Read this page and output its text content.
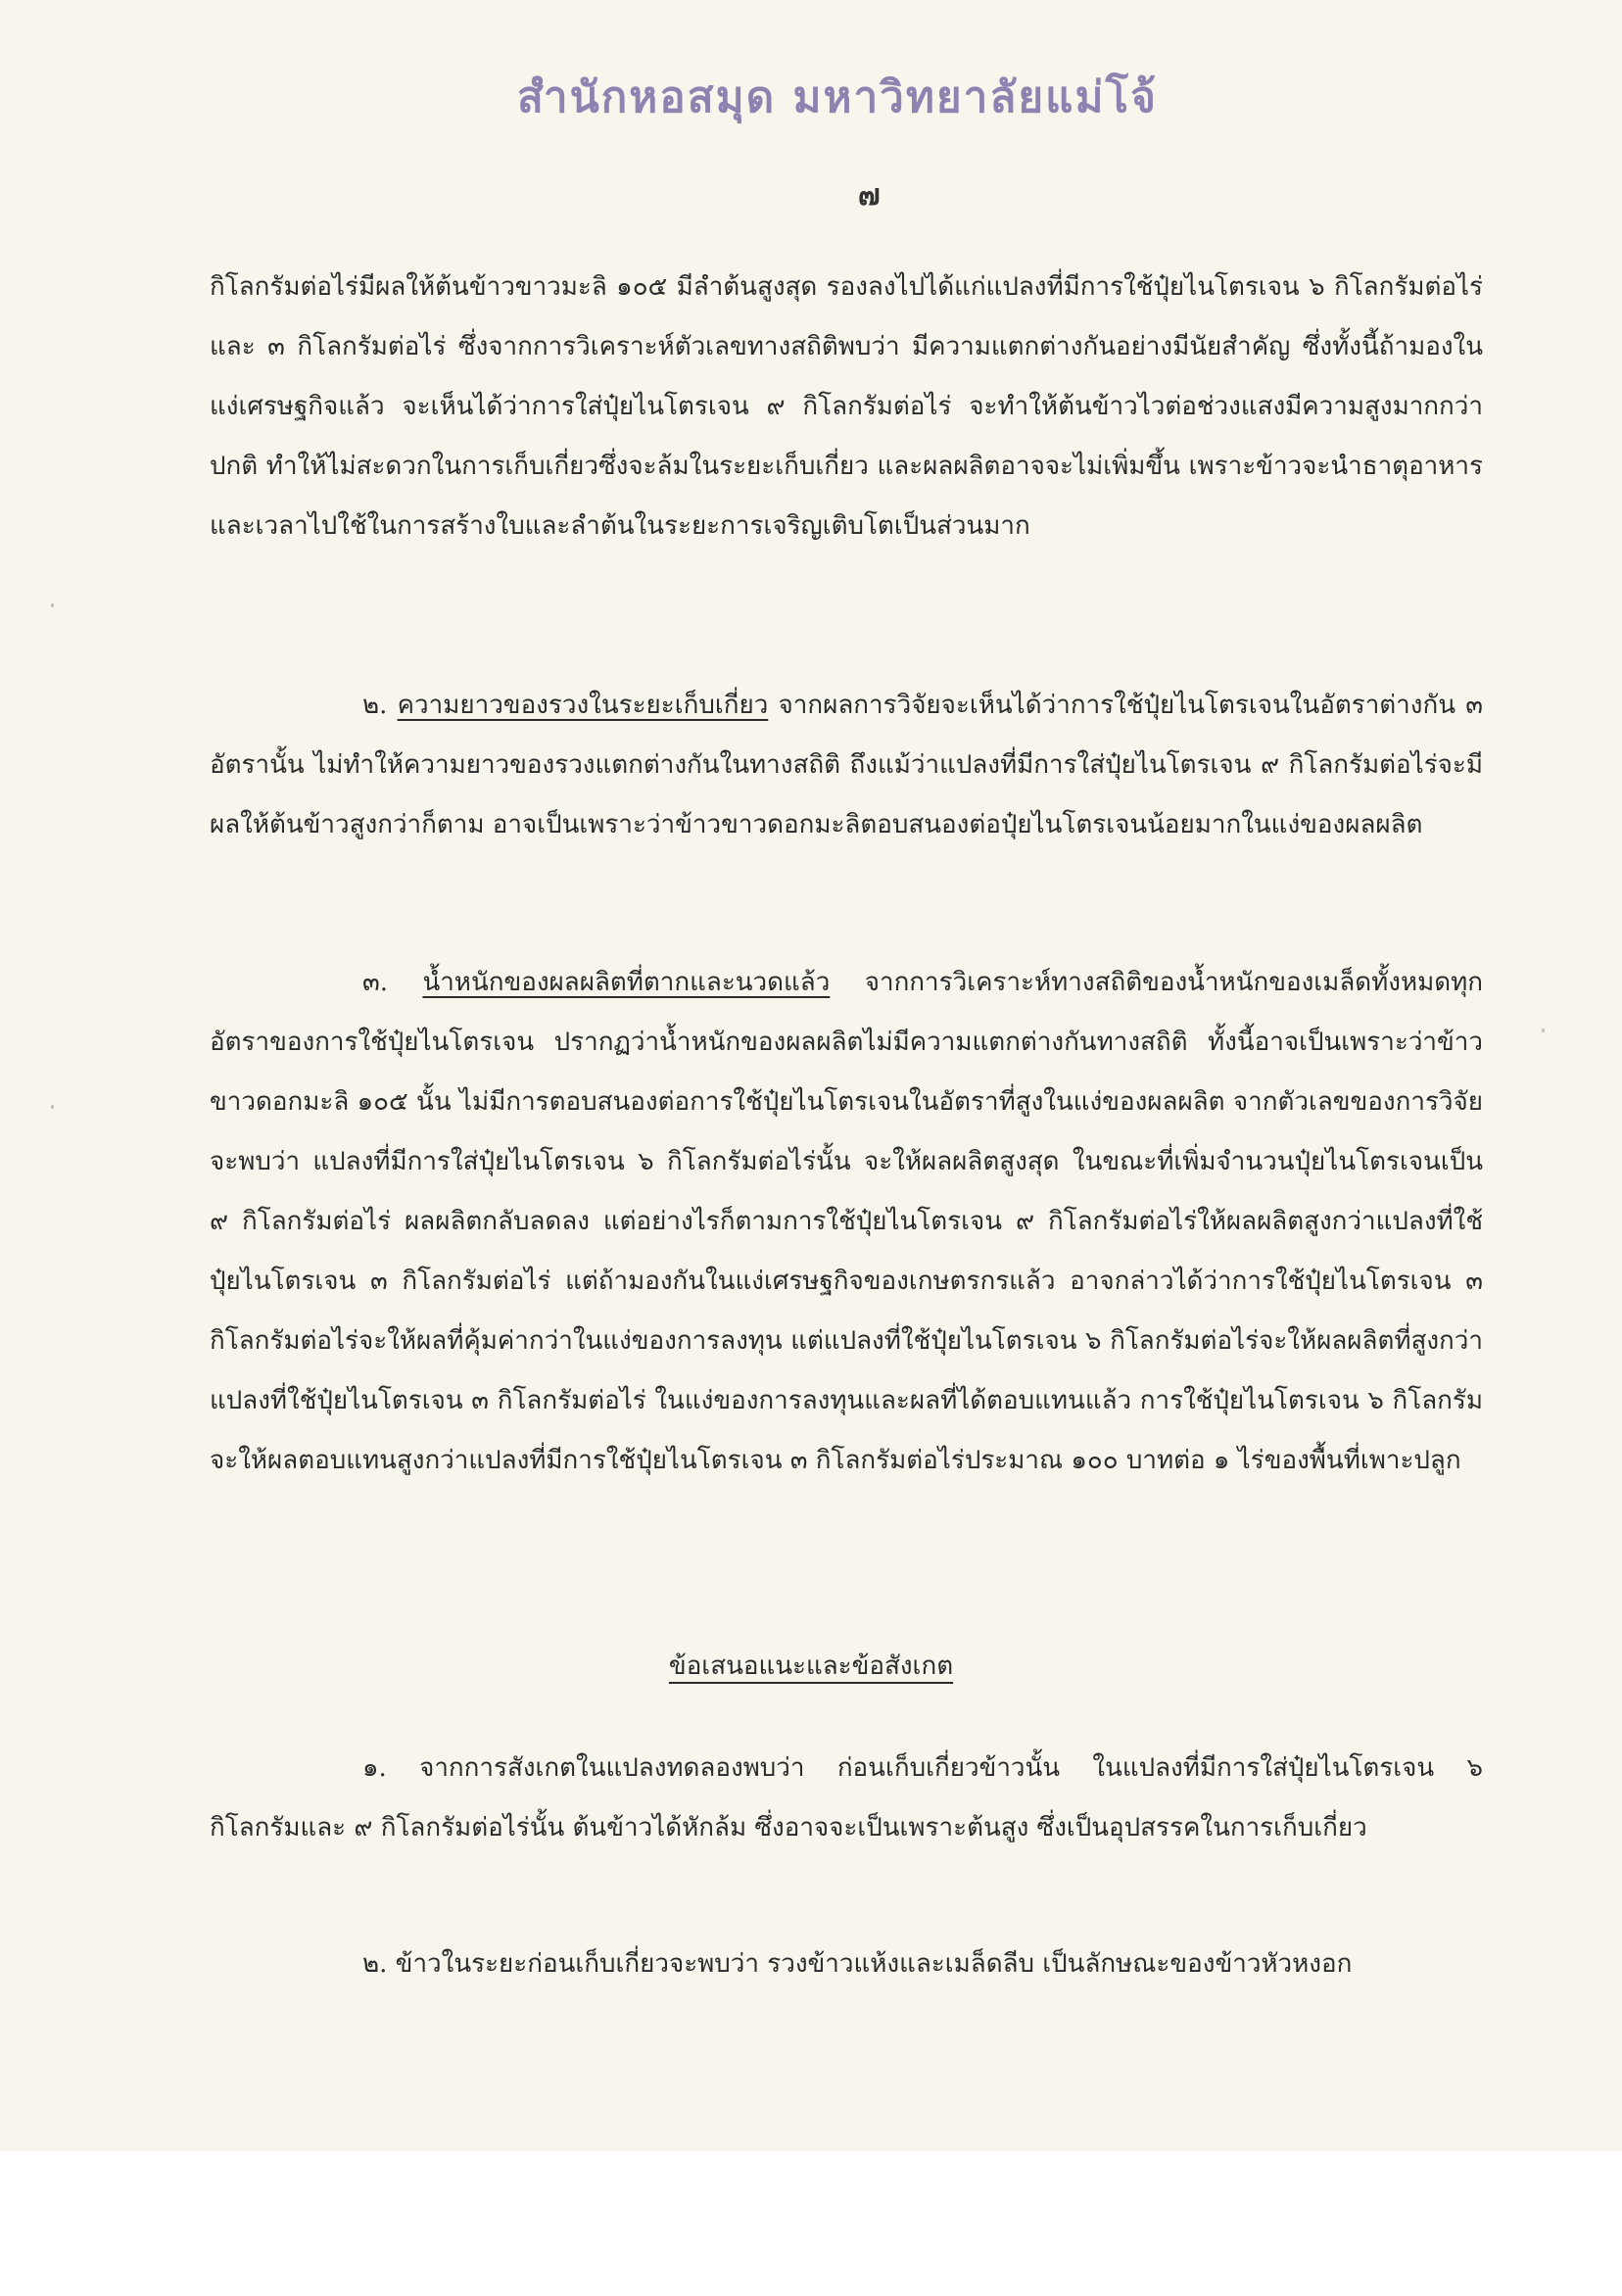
สำนักหอสมุด มหาวิทยาลัยแม่โจ้
๗
กิโลกรัมต่อไร่มีผลให้ต้นข้าวขาวมะลิ ๑๐๕ มีลำต้นสูงสุด รองลงไปได้แก่แปลงที่มีการใช้ปุ๋ยไนโตรเจน ๖ กิโลกรัมต่อไร่ และ ๓ กิโลกรัมต่อไร่ ซึ่งจากการวิเคราะห์ตัวเลขทางสถิติพบว่า มีความแตกต่างกันอย่างมีนัยสำคัญ ซึ่งทั้งนี้ถ้ามองในแง่เศรษฐกิจแล้ว จะเห็นได้ว่าการใส่ปุ๋ยไนโตรเจน ๙ กิโลกรัมต่อไร่ จะทำให้ต้นข้าวไวต่อช่วงแสงมีความสูงมากกว่าปกติ ทำให้ไม่สะดวกในการเก็บเกี่ยวซึ่งจะล้มในระยะเก็บเกี่ยว และผลผลิตอาจจะไม่เพิ่มขึ้น เพราะข้าวจะนำธาตุอาหารและเวลาไปใช้ในการสร้างใบและลำต้นในระยะการเจริญเติบโตเป็นส่วนมาก
๒. ความยาวของรวงในระยะเก็บเกี่ยว จากผลการวิจัยจะเห็นได้ว่าการใช้ปุ๋ยไนโตรเจนในอัตราต่างกัน ๓ อัตรานั้น ไม่ทำให้ความยาวของรวงแตกต่างกันในทางสถิติ ถึงแม้ว่าแปลงที่มีการใส่ปุ๋ยไนโตรเจน ๙ กิโลกรัมต่อไร่จะมีผลให้ต้นข้าวสูงกว่าก็ตาม อาจเป็นเพราะว่าข้าวขาวดอกมะลิตอบสนองต่อปุ๋ยไนโตรเจนน้อยมากในแง่ของผลผลิต
๓. น้ำหนักของผลผลิตที่ตากและนวดแล้ว จากการวิเคราะห์ทางสถิติของน้ำหนักของเมล็ดทั้งหมดทุกอัตราของการใช้ปุ๋ยไนโตรเจน ปรากฏว่าน้ำหนักของผลผลิตไม่มีความแตกต่างกันทางสถิติ ทั้งนี้อาจเป็นเพราะว่าข้าวขาวดอกมะลิ ๑๐๕ นั้น ไม่มีการตอบสนองต่อการใช้ปุ๋ยไนโตรเจนในอัตราที่สูงในแง่ของผลผลิต จากตัวเลขของการวิจัยจะพบว่า แปลงที่มีการใส่ปุ๋ยไนโตรเจน ๖ กิโลกรัมต่อไร่นั้น จะให้ผลผลิตสูงสุด ในขณะที่เพิ่มจำนวนปุ๋ยไนโตรเจนเป็น ๙ กิโลกรัมต่อไร่ ผลผลิตกลับลดลง แต่อย่างไรก็ตามการใช้ปุ๋ยไนโตรเจน ๙ กิโลกรัมต่อไร่ให้ผลผลิตสูงกว่าแปลงที่ใช้ปุ๋ยไนโตรเจน ๓ กิโลกรัมต่อไร่ แต่ถ้ามองกันในแง่เศรษฐกิจของเกษตรกรแล้ว อาจกล่าวได้ว่าการใช้ปุ๋ยไนโตรเจน ๓ กิโลกรัมต่อไร่จะให้ผลที่คุ้มค่ากว่าในแง่ของการลงทุน แต่แปลงที่ใช้ปุ๋ยไนโตรเจน ๖ กิโลกรัมต่อไร่จะให้ผลผลิตที่สูงกว่าแปลงที่ใช้ปุ๋ยไนโตรเจน ๓ กิโลกรัมต่อไร่ ในแง่ของการลงทุนและผลที่ได้ตอบแทนแล้ว การใช้ปุ๋ยไนโตรเจน ๖ กิโลกรัมจะให้ผลตอบแทนสูงกว่าแปลงที่มีการใช้ปุ๋ยไนโตรเจน ๓ กิโลกรัมต่อไร่ประมาณ ๑๐๐ บาทต่อ ๑ ไร่ของพื้นที่เพาะปลูก
ข้อเสนอแนะและข้อสังเกต
๑. จากการสังเกตในแปลงทดลองพบว่า ก่อนเก็บเกี่ยวข้าวนั้น ในแปลงที่มีการใส่ปุ๋ยไนโตรเจน ๖ กิโลกรัมและ ๙ กิโลกรัมต่อไร่นั้น ต้นข้าวได้หักล้ม ซึ่งอาจจะเป็นเพราะต้นสูง ซึ่งเป็นอุปสรรคในการเก็บเกี่ยว
๒. ข้าวในระยะก่อนเก็บเกี่ยวจะพบว่า รวงข้าวแห้งและเมล็ดลีบ เป็นลักษณะของข้าวหัวหงอก
